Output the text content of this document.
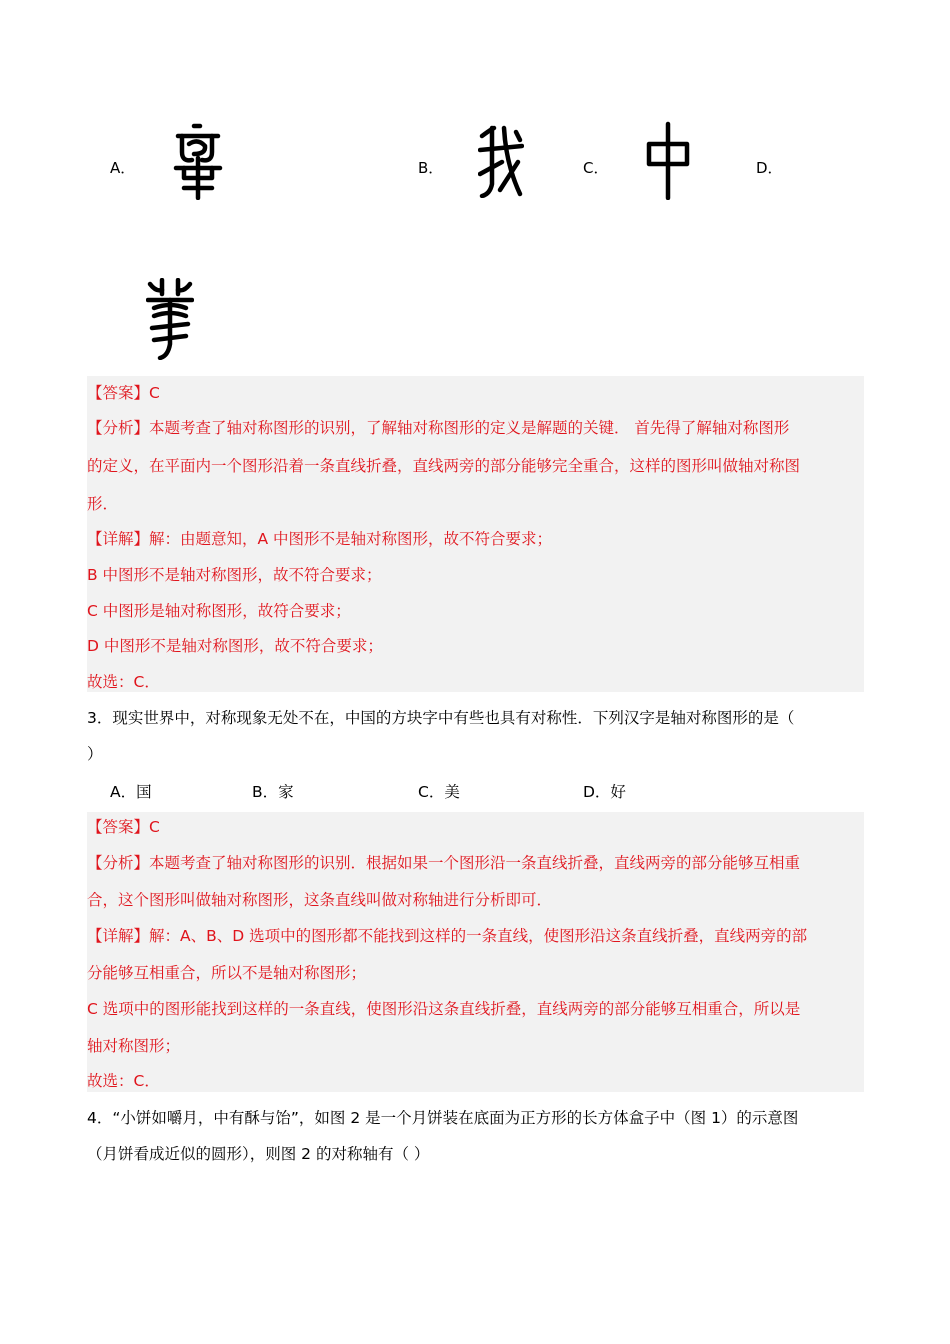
A．	B．	C．	D．
【答案】C
【分析】本题考查了轴对称图形的识别，了解轴对称图形的定义是解题的关键． 首先得了解轴对称图形
的定义，在平面内一个图形沿着一条直线折叠，直线两旁的部分能够完全重合，这样的图形叫做轴对称图
形．
【详解】解：由题意知，A 中图形不是轴对称图形，故不符合要求；
B 中图形不是轴对称图形，故不符合要求；
C 中图形是轴对称图形，故符合要求；
D 中图形不是轴对称图形，故不符合要求；
故选：C．
3．现实世界中，对称现象无处不在，中国的方块字中有些也具有对称性．下列汉字是轴对称图形的是（
）
A．国	B．家	C．美	D．好
【答案】C
【分析】本题考查了轴对称图形的识别．根据如果一个图形沿一条直线折叠，直线两旁的部分能够互相重
合，这个图形叫做轴对称图形，这条直线叫做对称轴进行分析即可．
【详解】解：A、B、D 选项中的图形都不能找到这样的一条直线，使图形沿这条直线折叠，直线两旁的部
分能够互相重合，所以不是轴对称图形；
C 选项中的图形能找到这样的一条直线，使图形沿这条直线折叠，直线两旁的部分能够互相重合，所以是
轴对称图形；
故选：C．
4．“小饼如嚼月，中有酥与饴”，如图 2 是一个月饼装在底面为正方形的长方体盒子中（图 1）的示意图
（月饼看成近似的圆形），则图 2 的对称轴有（ ）
